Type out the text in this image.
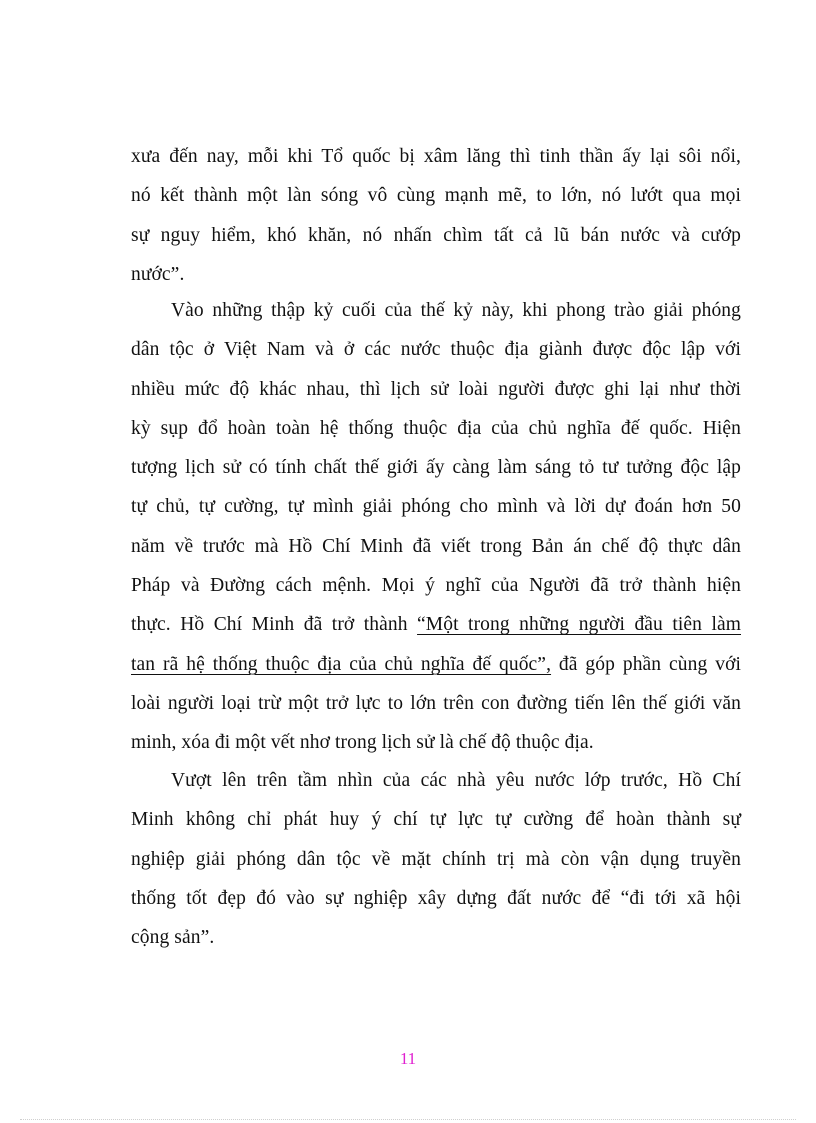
xưa đến nay, mỗi khi Tổ quốc bị xâm lăng thì tinh thần ấy lại sôi nổi,
nó kết thành một làn sóng vô cùng mạnh mẽ, to lớn, nó lướt qua mọi
sự nguy hiểm, khó khăn, nó nhấn chìm tất cả lũ bán nước và cướp
nước”.
Vào những thập kỷ cuối của thế kỷ này, khi phong trào giải phóng
dân tộc ở Việt Nam và ở các nước thuộc địa giành được độc lập với
nhiều mức độ khác nhau, thì lịch sử loài người được ghi lại như thời
kỳ sụp đổ hoàn toàn hệ thống thuộc địa của chủ nghĩa đế quốc. Hiện
tượng lịch sử có tính chất thế giới ấy càng làm sáng tỏ tư tưởng độc lập
tự chủ, tự cường, tự mình giải phóng cho mình và lời dự đoán hơn 50
năm về trước mà Hồ Chí Minh đã viết trong Bản án chế độ thực dân
Pháp và Đường cách mệnh. Mọi ý nghĩ của Người đã trở thành hiện
thực. Hồ Chí Minh đã trở thành “Một trong những người đầu tiên làm
tan rã hệ thống thuộc địa của chủ nghĩa đế quốc”, đã góp phần cùng với
loài người loại trừ một trở lực to lớn trên con đường tiến lên thế giới văn
minh, xóa đi một vết nhơ trong lịch sử là chế độ thuộc địa.
Vượt lên trên tầm nhìn của các nhà yêu nước lớp trước, Hồ Chí
Minh không chỉ phát huy ý chí tự lực tự cường để hoàn thành sự
nghiệp giải phóng dân tộc về mặt chính trị mà còn vận dụng truyền
thống tốt đẹp đó vào sự nghiệp xây dựng đất nước để “đi tới xã hội
cộng sản”.
11
